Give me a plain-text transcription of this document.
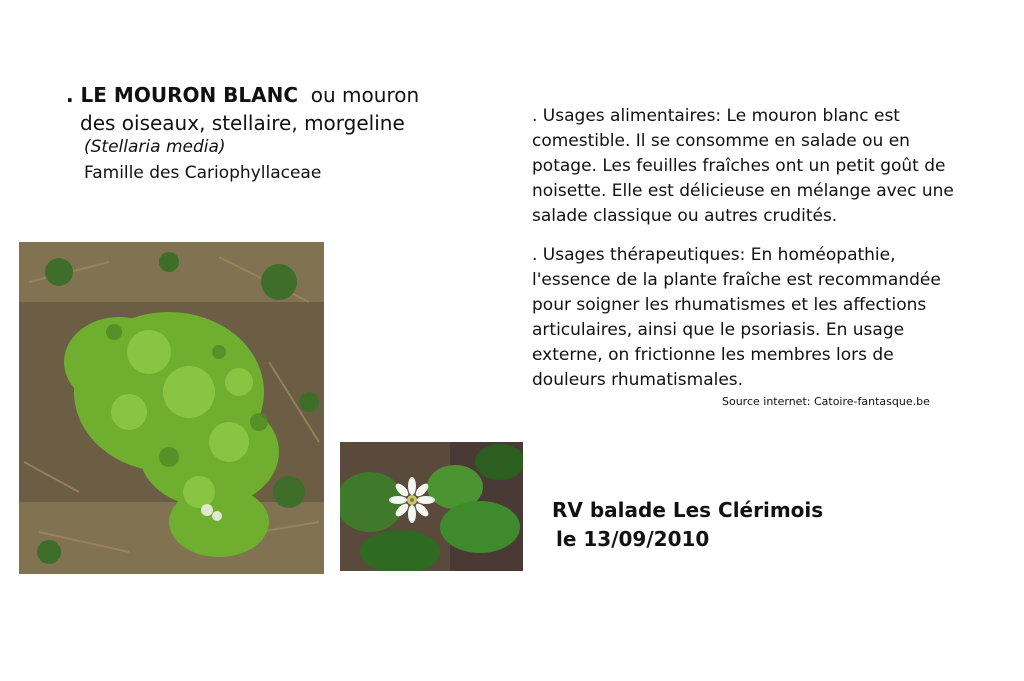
. LE MOURON BLANC  ou mouron
des oiseaux, stellaire, morgeline
(Stellaria media)
Famille des Cariophyllaceae
. Usages alimentaires: Le mouron blanc est comestible. Il se consomme en salade ou en potage. Les feuilles fraîches ont un petit goût de noisette. Elle est délicieuse en mélange avec une salade classique ou autres crudités.
. Usages thérapeutiques: En homéopathie, l'essence de la plante fraîche est recommandée pour soigner les rhumatismes et les affections articulaires, ainsi que le psoriasis. En usage externe, on frictionne les membres lors de douleurs rhumatismales.
Source internet: Catoire-fantasque.be
RV balade Les Clérimois
le 13/09/2010
